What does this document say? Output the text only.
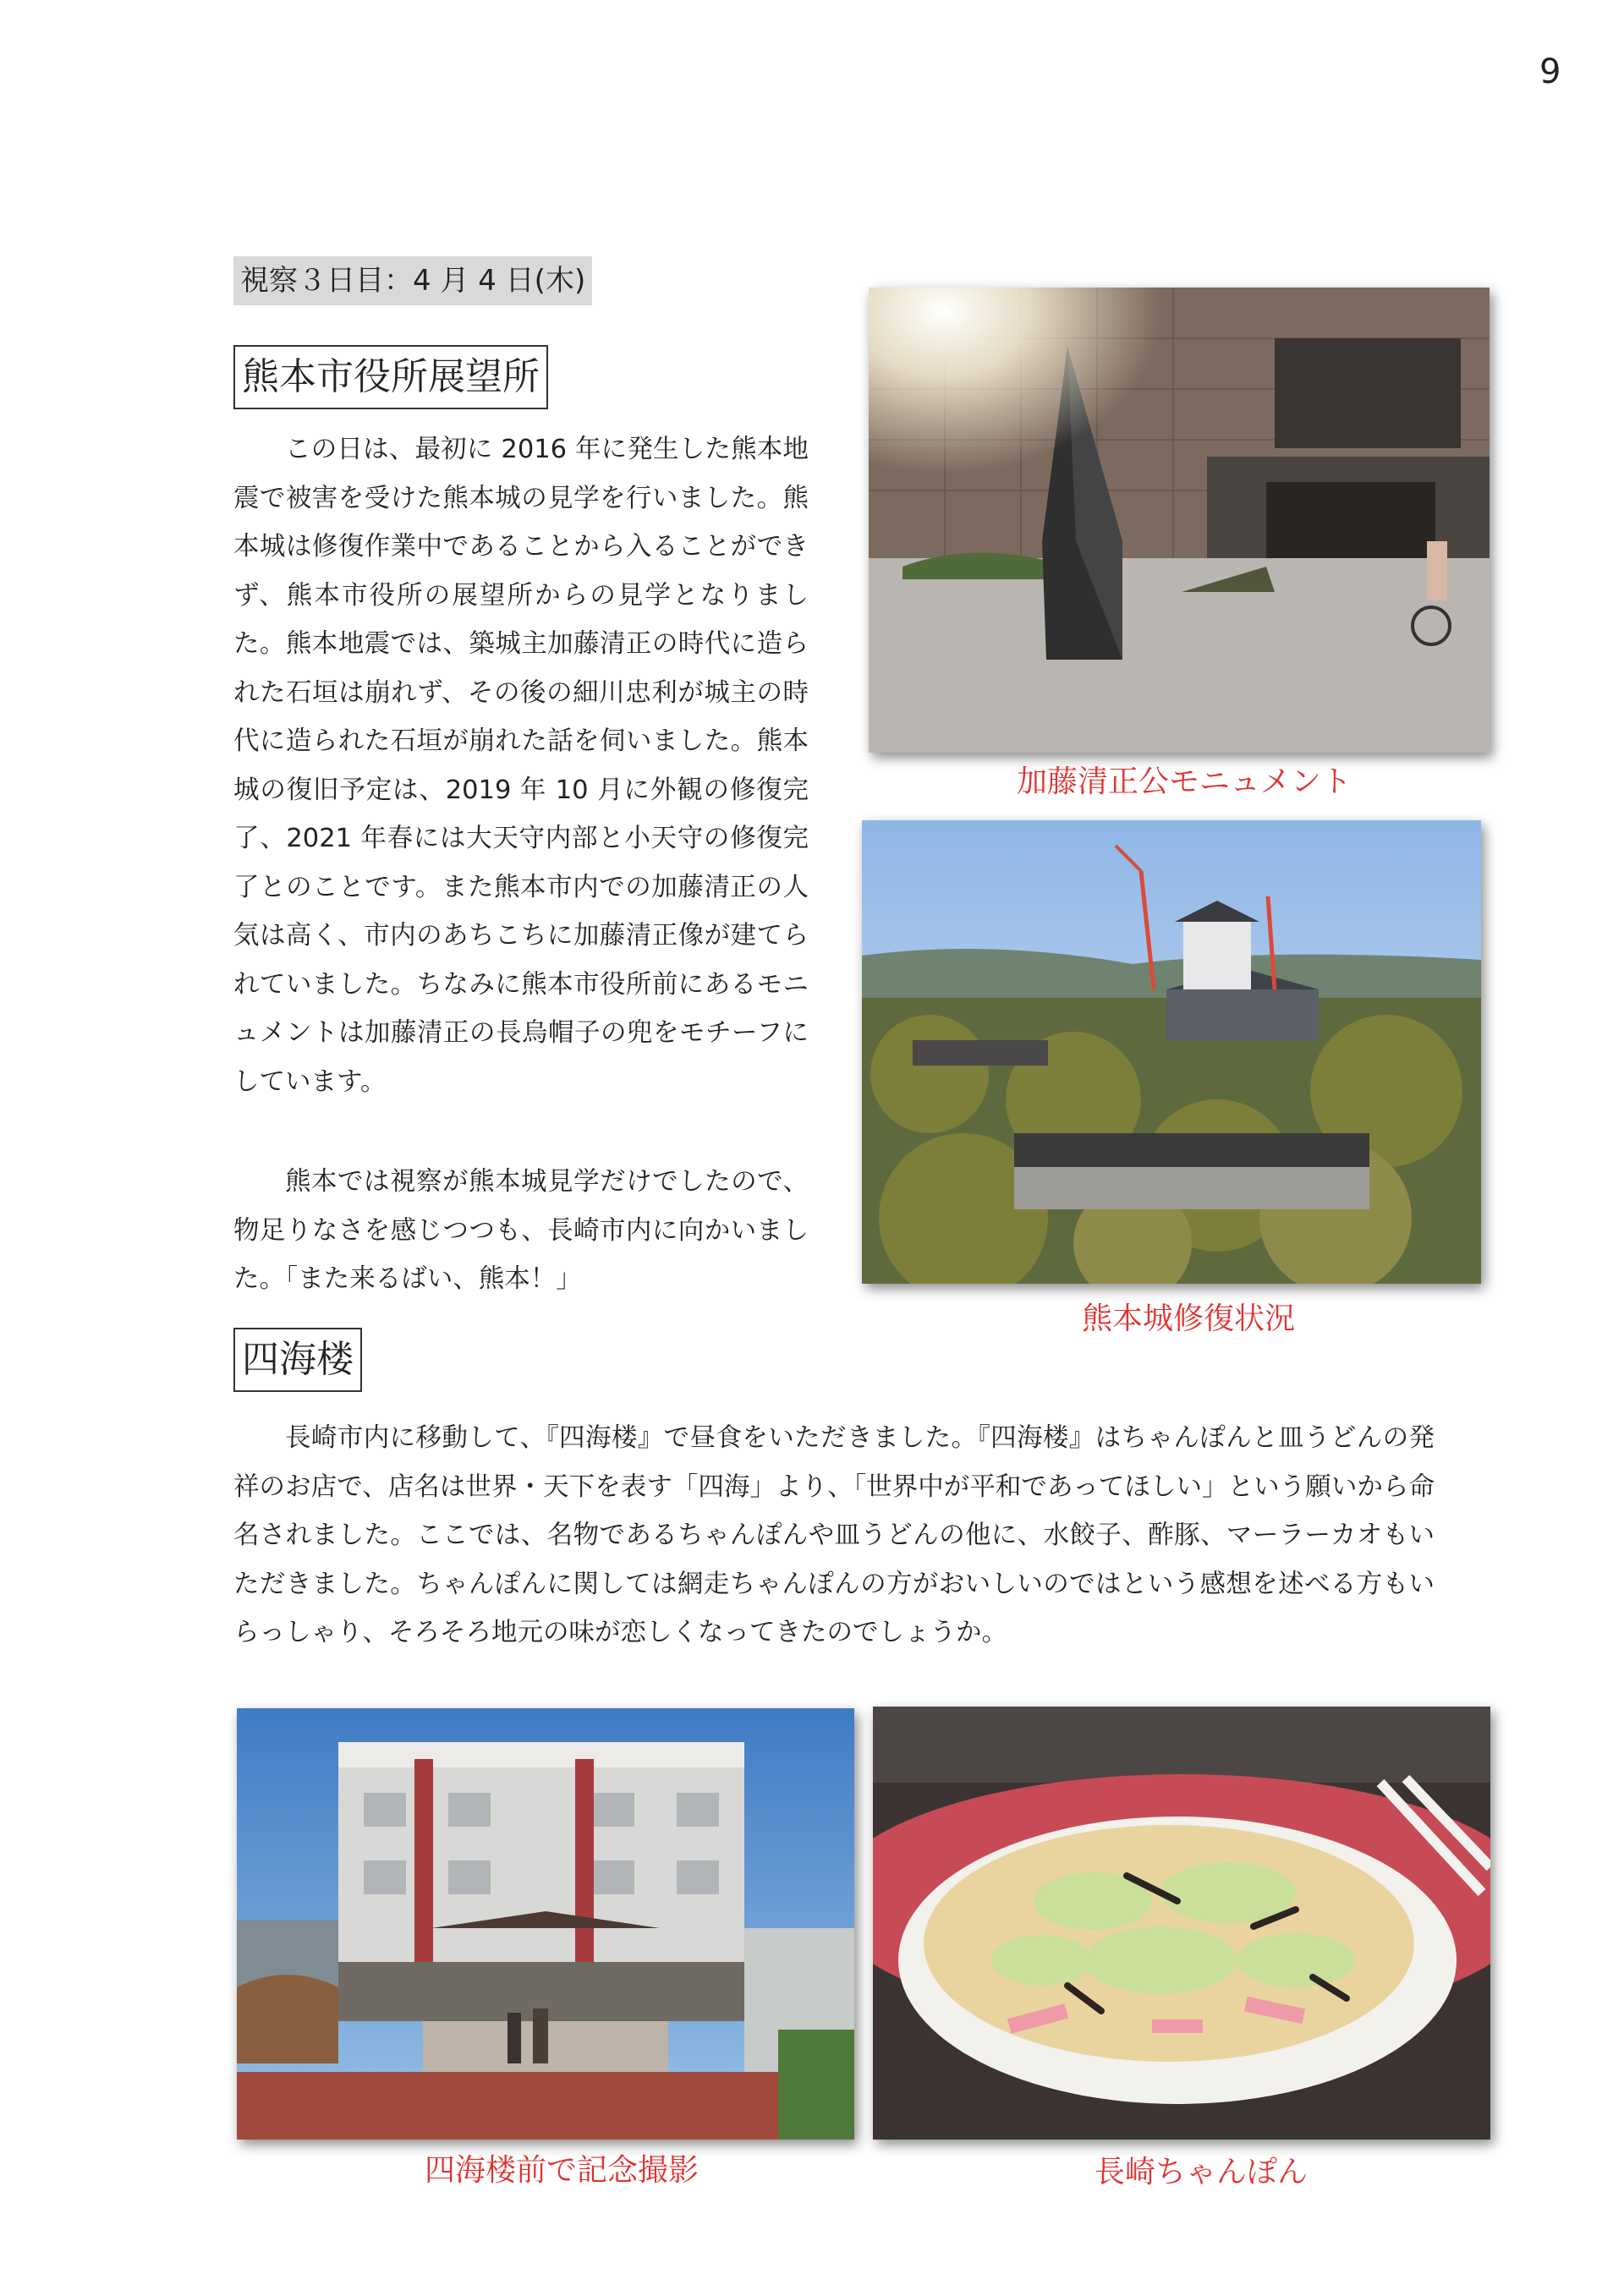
9
視察３日目：4 月 4 日(木)
熊本市役所展望所

この日は、最初に 2016 年に発生した熊本地震で被害を受けた熊本城の見学を行いました。熊本城は修復作業中であることから入ることができず、熊本市役所の展望所からの見学となりました。熊本地震では、築城主加藤清正の時代に造られた石垣は崩れず、その後の細川忠利が城主の時代に造られた石垣が崩れた話を伺いました。熊本城の復旧予定は、2019 年 10 月に外観の修復完了、2021 年春には大天守内部と小天守の修復完了とのことです。また熊本市内での加藤清正の人気は高く、市内のあちこちに加藤清正像が建てられていました。ちなみに熊本市役所前にあるモニュメントは加藤清正の長烏帽子の兜をモチーフにしています。

熊本では視察が熊本城見学だけでしたので、物足りなさを感じつつも、長崎市内に向かいました。「また来るばい、熊本！」

加藤清正公モニュメント
熊本城修復状況
四海楼

長崎市内に移動して、『四海楼』で昼食をいただきました。『四海楼』はちゃんぽんと皿うどんの発祥のお店で、店名は世界・天下を表す「四海」より、「世界中が平和であってほしい」という願いから命名されました。ここでは、名物であるちゃんぽんや皿うどんの他に、水餃子、酢豚、マーラーカオもいただきました。ちゃんぽんに関しては網走ちゃんぽんの方がおいしいのではという感想を述べる方もいらっしゃり、そろそろ地元の味が恋しくなってきたのでしょうか。

四海楼前で記念撮影	長崎ちゃんぽん
